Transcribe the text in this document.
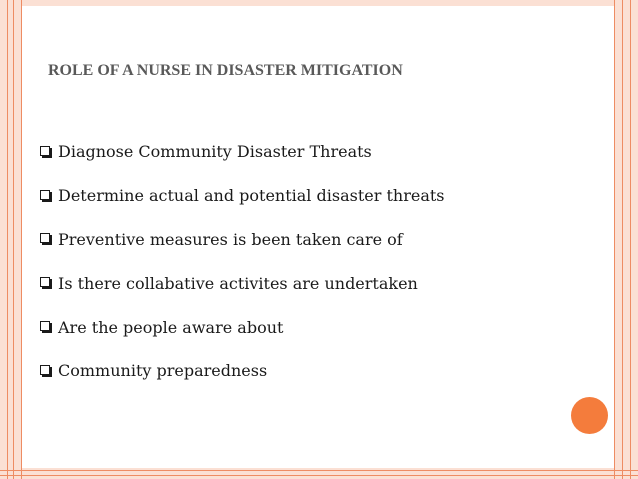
ROLE OF A NURSE IN DISASTER MITIGATION
Diagnose Community Disaster Threats
Determine actual and potential disaster threats
Preventive measures is been taken care of
Is there collabative activites are undertaken
Are the people aware about
Community preparedness
